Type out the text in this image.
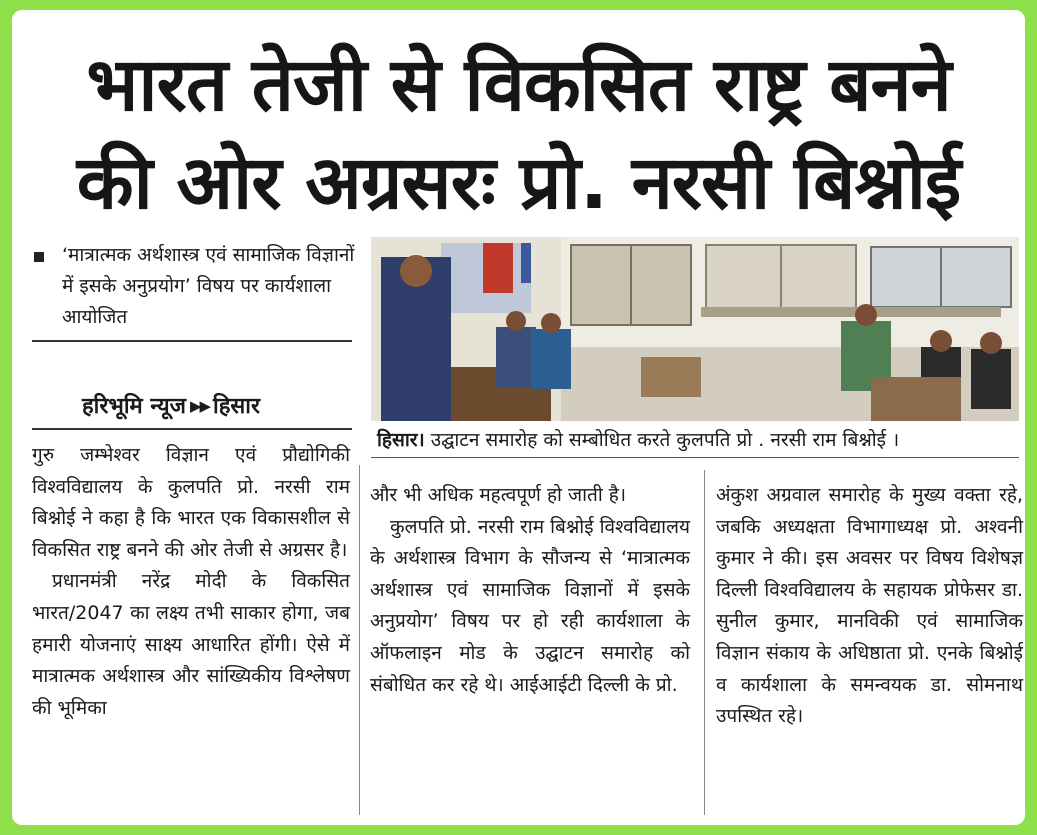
भारत तेजी से विकसित राष्ट्र बनने
की ओर अग्रसरः प्रो. नरसी बिश्नोई
‘मात्रात्मक अर्थशास्त्र एवं सामाजिक विज्ञानों में इसके अनुप्रयोग’ विषय पर कार्यशाला आयोजित
हरिभूमि न्यूज ▶▶ हिसार
हिसार। उद्घाटन समारोह को सम्बोधित करते कुलपति प्रो . नरसी राम बिश्नोई ।

गुरु जम्भेश्वर विज्ञान एवं प्रौद्योगिकी विश्वविद्यालय के कुलपति प्रो. नरसी राम बिश्नोई ने कहा है कि भारत एक विकासशील से विकसित राष्ट्र बनने की ओर तेजी से अग्रसर है।

प्रधानमंत्री नरेंद्र मोदी के विकसित भारत/2047 का लक्ष्य तभी साकार होगा, जब हमारी योजनाएं साक्ष्य आधारित होंगी। ऐसे में मात्रात्मक अर्थशास्त्र और सांख्यिकीय विश्लेषण की भूमिका

और भी अधिक महत्वपूर्ण हो जाती है।

कुलपति प्रो. नरसी राम बिश्नोई विश्वविद्यालय के अर्थशास्त्र विभाग के सौजन्य से ‘मात्रात्मक अर्थशास्त्र एवं सामाजिक विज्ञानों में इसके अनुप्रयोग’ विषय पर हो रही कार्यशाला के ऑफलाइन मोड के उद्घाटन समारोह को संबोधित कर रहे थे। आईआईटी दिल्ली के प्रो.

अंकुश अग्रवाल समारोह के मुख्य वक्ता रहे, जबकि अध्यक्षता विभागाध्यक्ष प्रो. अश्वनी कुमार ने की। इस अवसर पर विषय विशेषज्ञ दिल्ली विश्वविद्यालय के सहायक प्रोफेसर डा. सुनील कुमार, मानविकी एवं सामाजिक विज्ञान संकाय के अधिष्ठाता प्रो. एनके बिश्नोई व कार्यशाला के समन्वयक डा. सोमनाथ उपस्थित रहे।
